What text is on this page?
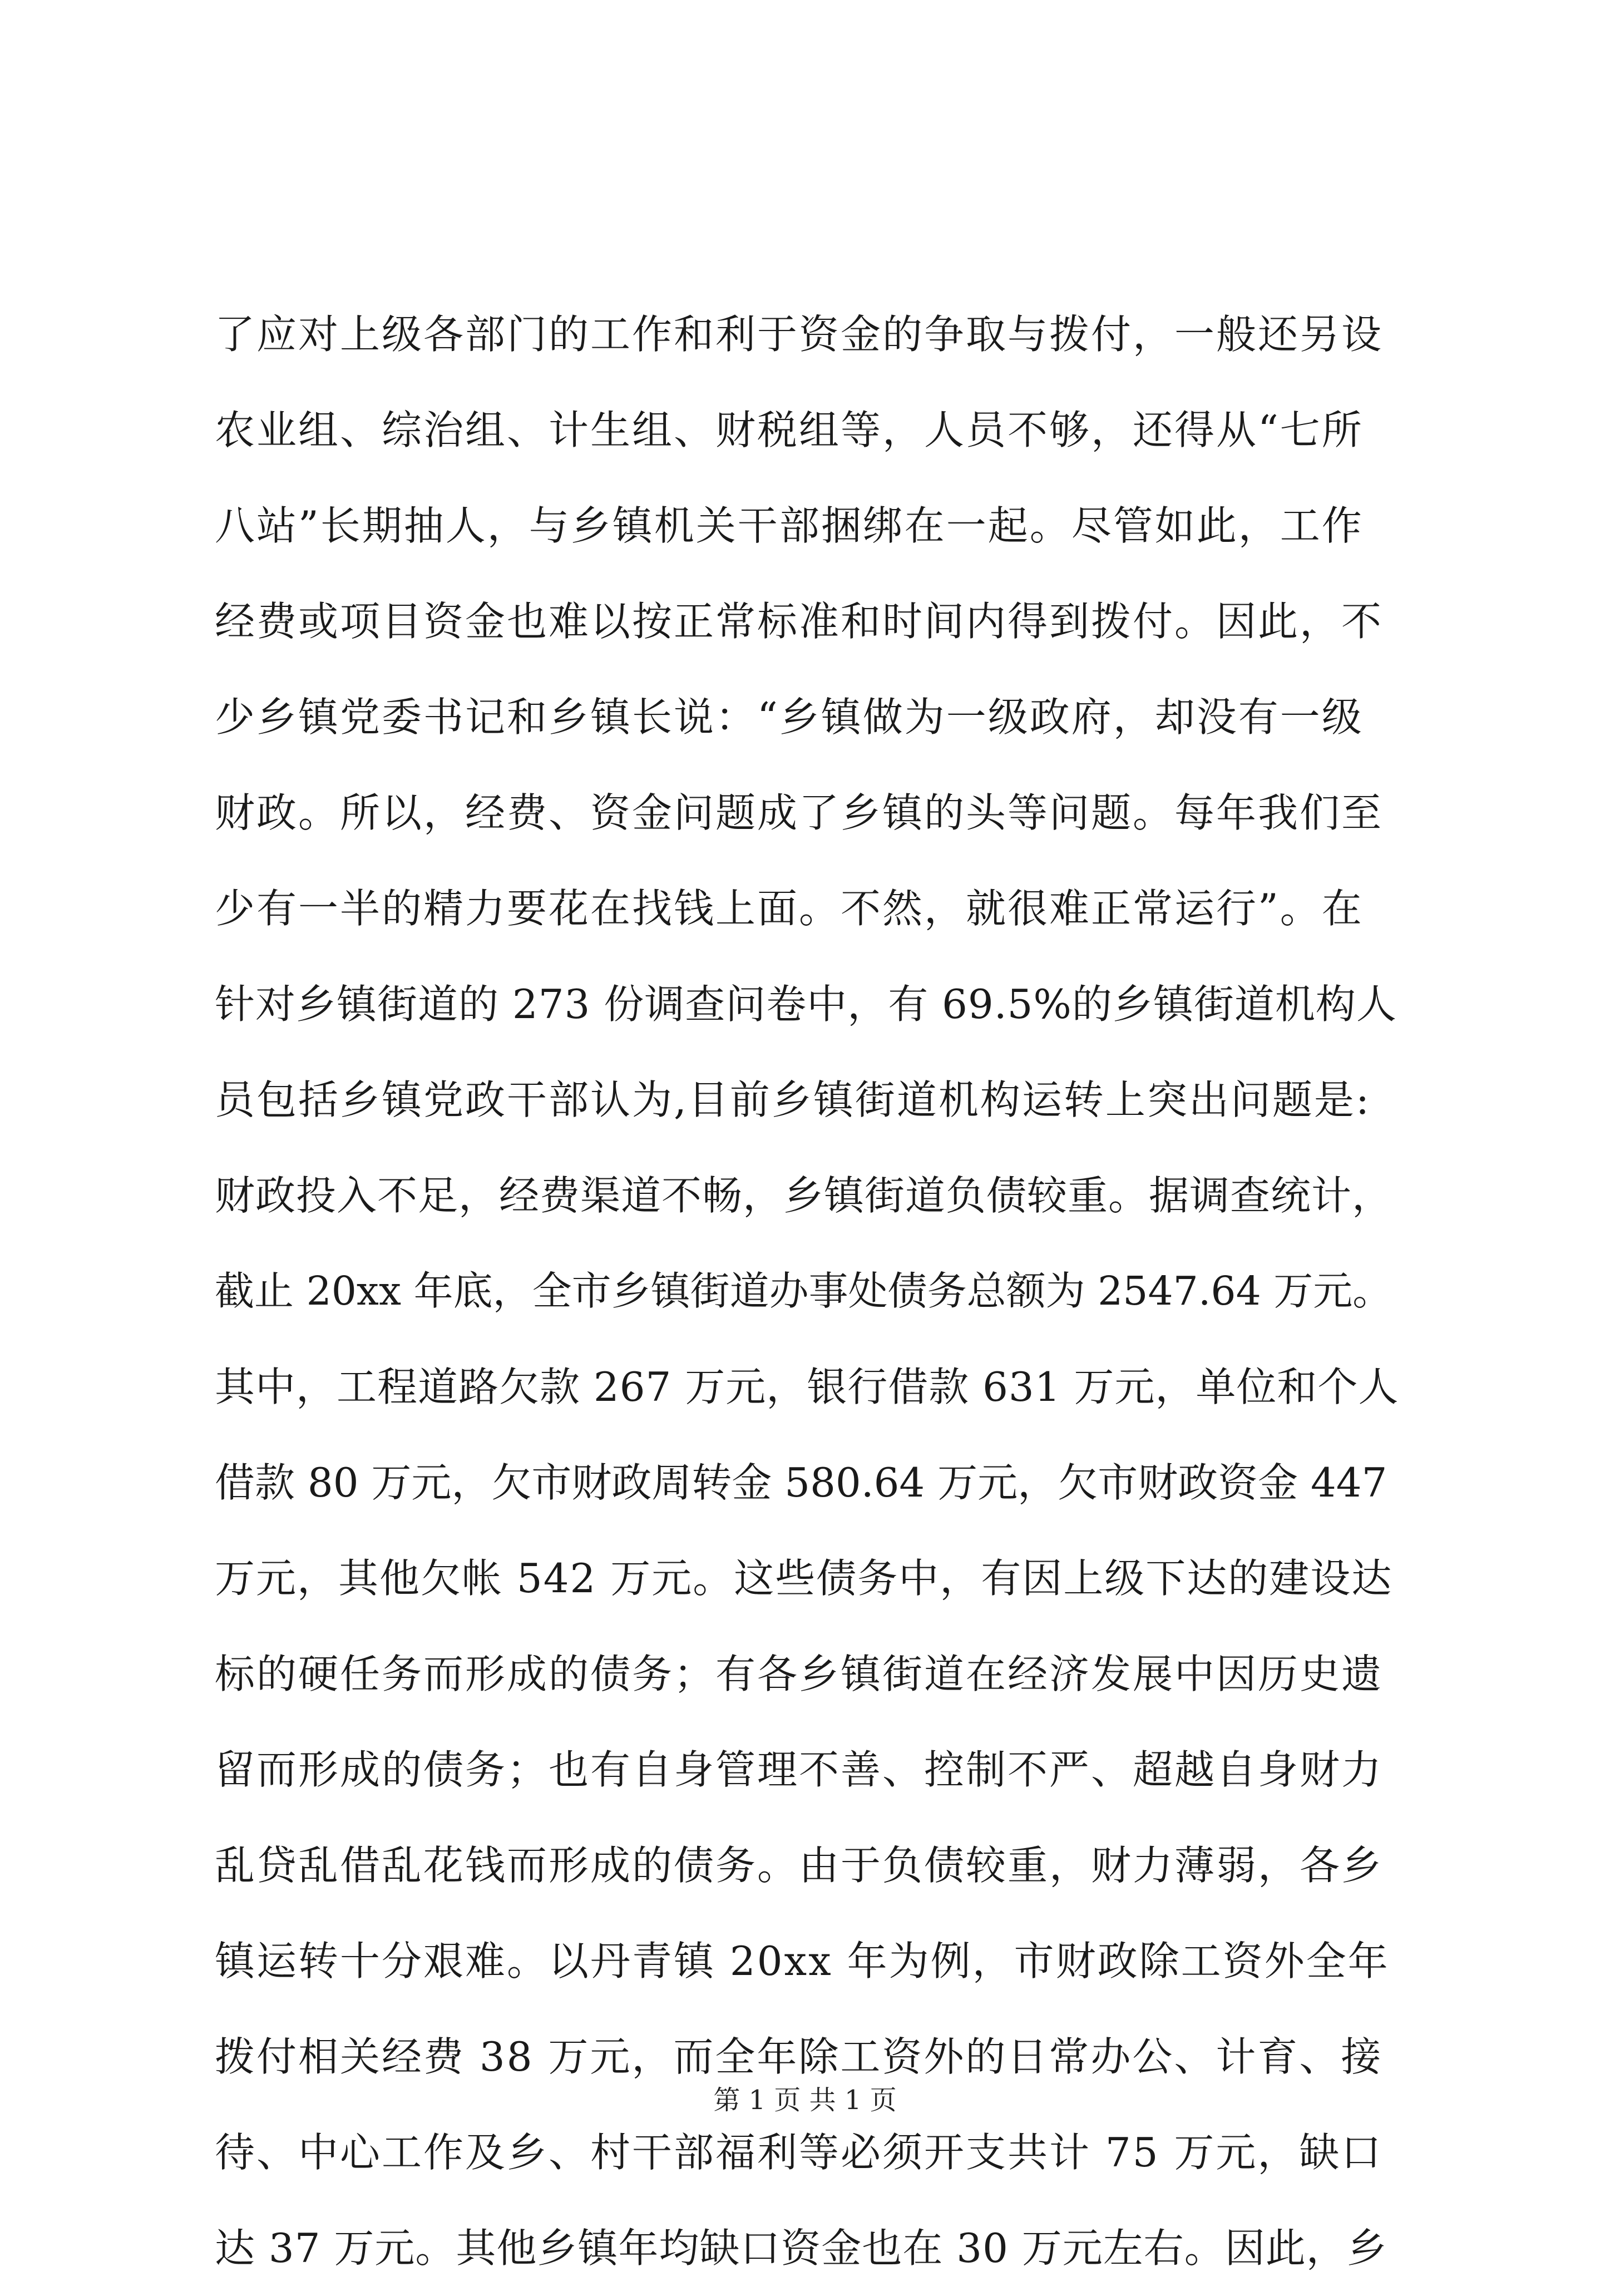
了应对上级各部门的工作和利于资金的争取与拨付，一般还另设
农业组、综治组、计生组、财税组等，人员不够，还得从“七所
八站”长期抽人，与乡镇机关干部捆绑在一起。尽管如此，工作
经费或项目资金也难以按正常标准和时间内得到拨付。因此，不
少乡镇党委书记和乡镇长说：“乡镇做为一级政府，却没有一级
财政。所以，经费、资金问题成了乡镇的头等问题。每年我们至
少有一半的精力要花在找钱上面。不然，就很难正常运行”。在
针对乡镇街道的 273 份调查问卷中，有 69.5%的乡镇街道机构人
员包括乡镇党政干部认为,目前乡镇街道机构运转上突出问题是:
财政投入不足，经费渠道不畅，乡镇街道负债较重。据调查统计，
截止 20xx 年底，全市乡镇街道办事处债务总额为 2547.64 万元。
其中，工程道路欠款 267 万元，银行借款 631 万元，单位和个人
借款 80 万元，欠市财政周转金 580.64 万元，欠市财政资金 447
万元，其他欠帐 542 万元。这些债务中，有因上级下达的建设达
标的硬任务而形成的债务；有各乡镇街道在经济发展中因历史遗
留而形成的债务；也有自身管理不善、控制不严、超越自身财力
乱贷乱借乱花钱而形成的债务。由于负债较重，财力薄弱，各乡
镇运转十分艰难。以丹青镇 20xx 年为例，市财政除工资外全年
拨付相关经费 38 万元，而全年除工资外的日常办公、计育、接
待、中心工作及乡、村干部福利等必须开支共计 75 万元，缺口
达 37 万元。其他乡镇年均缺口资金也在 30 万元左右。因此，乡
第 1 页 共 1 页
